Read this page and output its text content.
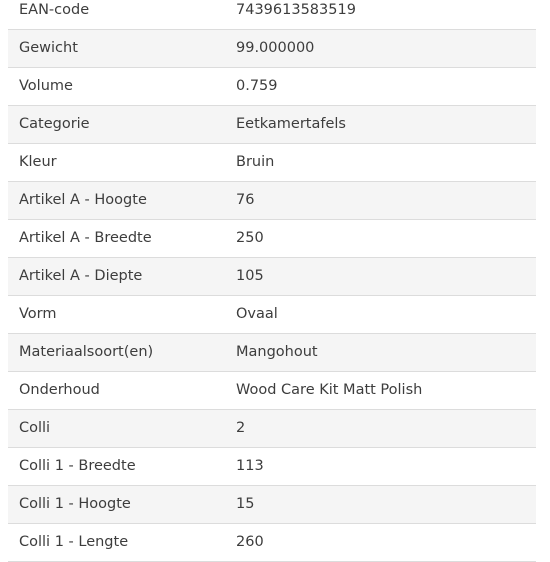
EAN-code	7439613583519
Gewicht	99.000000
Volume	0.759
Categorie	Eetkamertafels
Kleur	Bruin
Artikel A - Hoogte	76
Artikel A - Breedte	250
Artikel A - Diepte	105
Vorm	Ovaal
Materiaalsoort(en)	Mangohout
Onderhoud	Wood Care Kit Matt Polish
Colli	2
Colli 1 - Breedte	113
Colli 1 - Hoogte	15
Colli 1 - Lengte	260
